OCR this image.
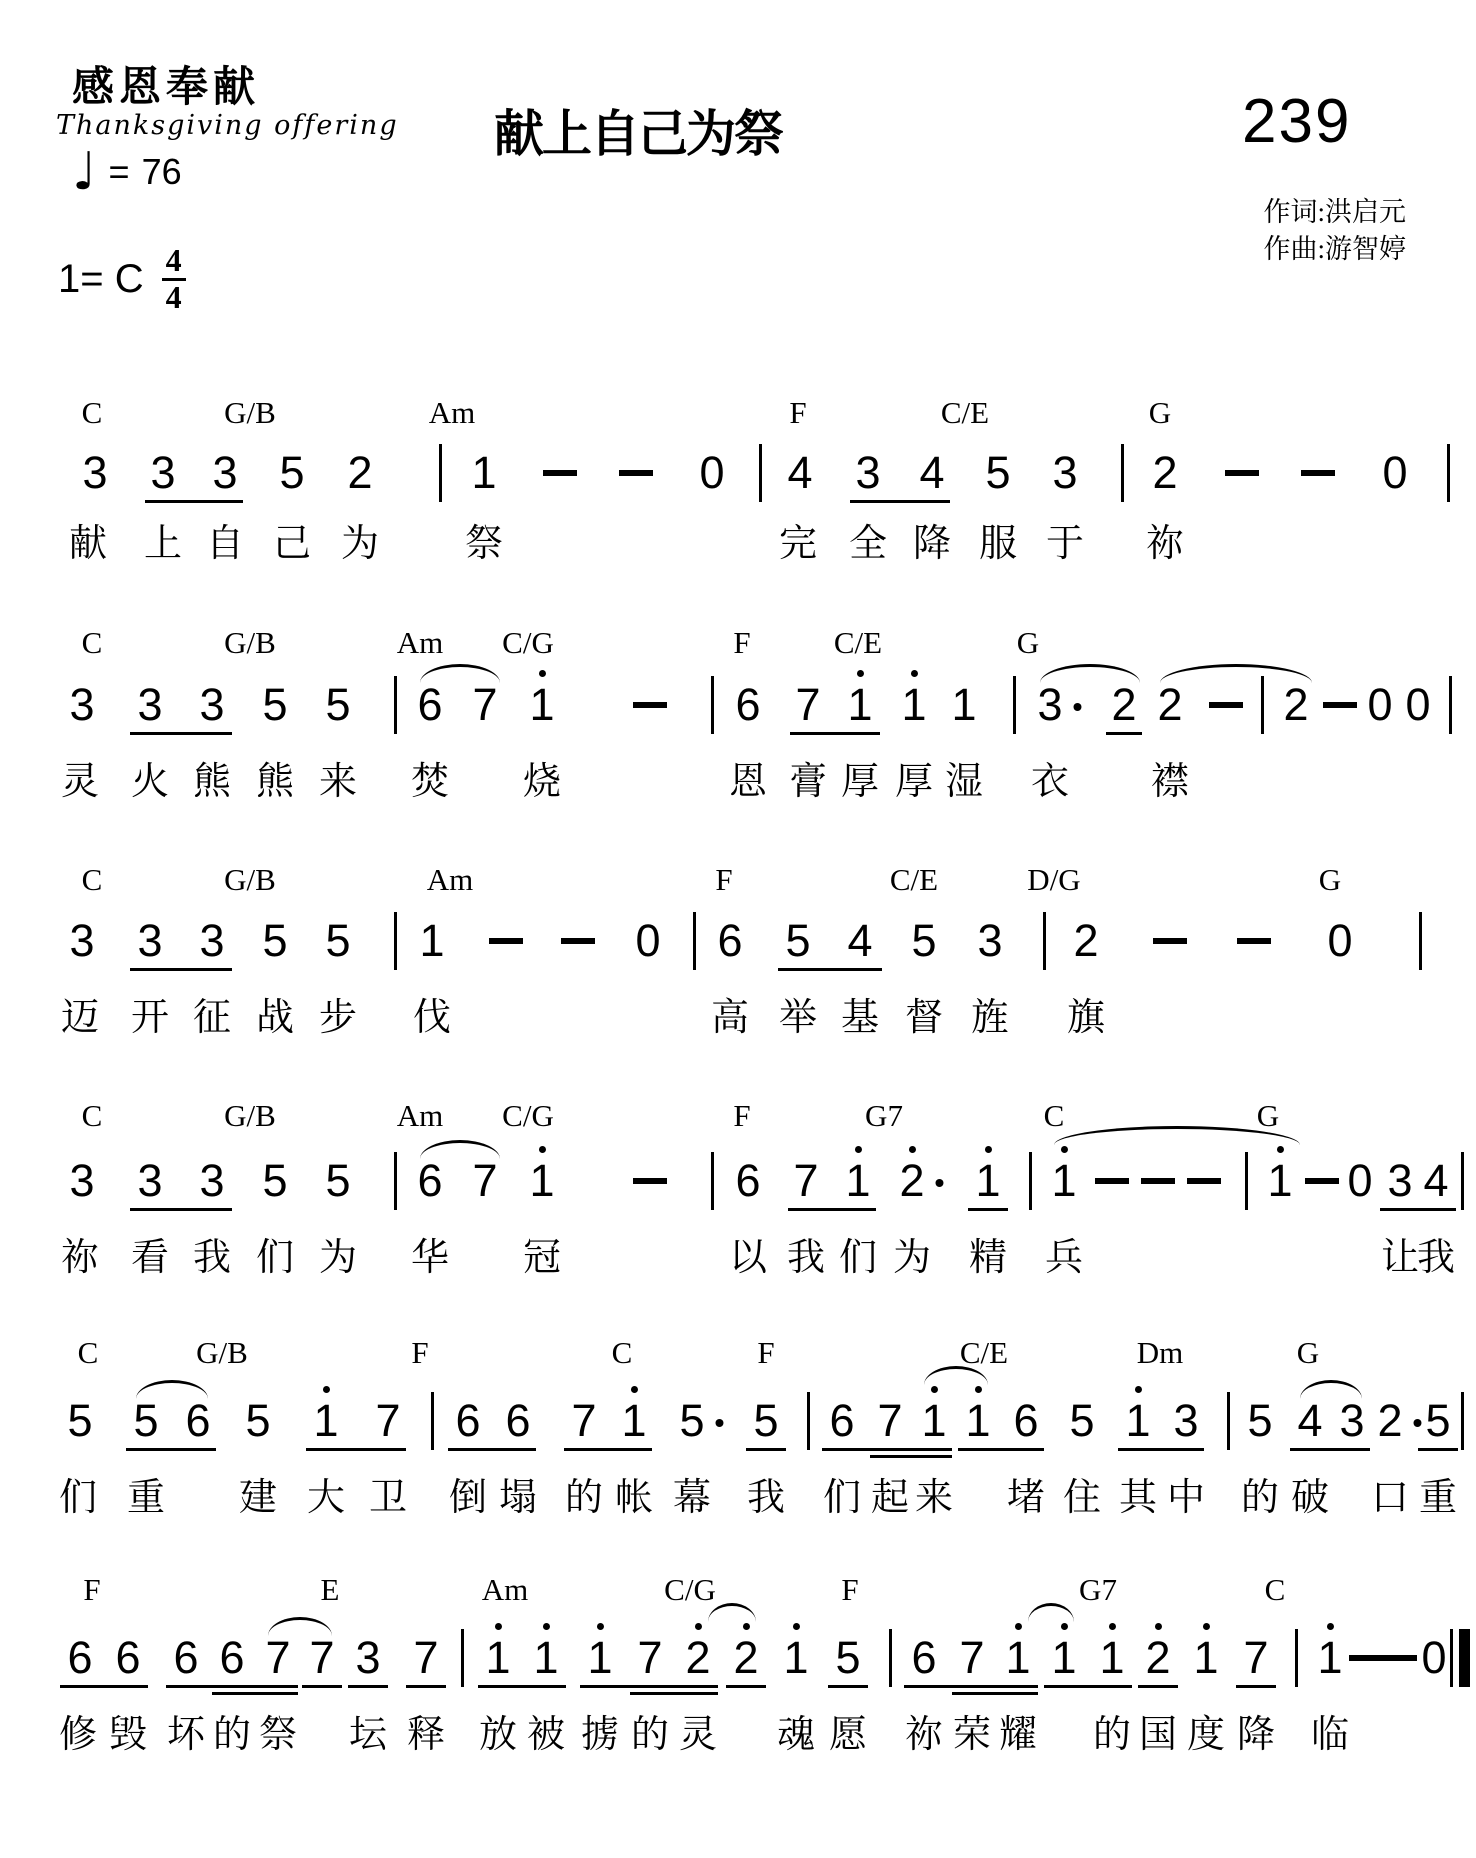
感恩奉献
Thanksgiving offering
♩ = 76
1= C $\frac{4}{4}$
献上自己为祭	239
作词:洪启元
作曲:游智婷
C	G/B	Am	F	C/E	G
3 3 3 5 2 1	0 4 3 4 5 3 2	0
献 上 自 己 为 祭	完 全 降 服 于 祢
C	G/B	Am C/G	F	C/E	G
3 3 3 5 5 6 7 1	6 7 1 1 1 3 2 2 2 0 0
灵 火 熊 熊 来 焚 烧	恩 膏 厚 厚 湿 衣 襟
C	G/B	Am	F	C/E	D/G	G
3 3 3 5 5 1	0 6 5 4 5 3 2	0
迈 开 征 战 步 伐	高 举 基 督 旌 旗
C	G/B	Am C/G	F	G7	C	G
3 3 3 5 5 6 7 1	6 7 1 2 1 1	1 0 3 4
祢 看 我 们 为 华 冠	以 我 们 为 精 兵	让
我
C	G/B	F	C	F	C/E	Dm	G
5 5 6 5 1 7 6 6 7 1 5 5 6 7 1 1 6 5 1 3 5 4 3 2 5
们 重 建 大 卫 倒 塌 的 帐 幕 我 们 起 来 堵 住 其 中 的 破 口 重
F	E	Am	C/G	F	G7	C
6 6 6 6 7 7 3 7 1 1 1 7 2 2 1 5 6 7 1 1 1 2 1 7 1 0
修 毁 坏 的 祭 坛 释 放 被 掳 的 灵 魂 愿 祢 荣 耀 的 国 度 降 临
